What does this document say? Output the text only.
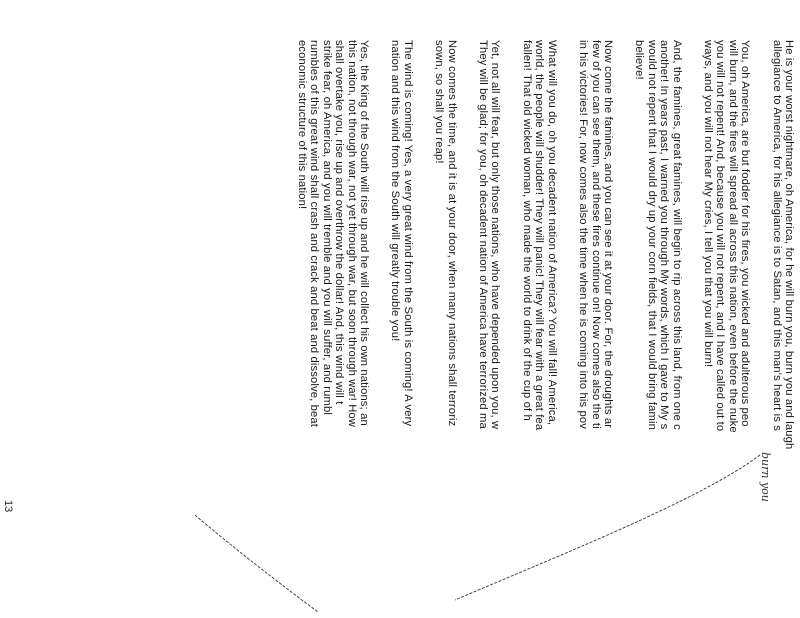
He is your worst nightmare, oh America, for he will burn you, burn you and laugh
allegiance to America, for his allegiance is to Satan, and this man's heart is s

You, oh America, are but fodder for his fires, you wicked and adulterous peo
will burn, and the fires will spread all across this nation, even before the nuke
you will not repent! And, because you will not repent, and I have called out to
ways, and you will not hear My cries, I tell you that you will burn!

And, the famines, great famines, will begin to rip across this land, from one c
another! In years past, I warned you through My words, which I gave to My s
would not repent that I would dry up your corn fields, that I would bring famin
believe!

Now come the famines, and you can see it at your door. For, the droughts ar
few of you can see them, and these fires continue on! Now comes also the ti
in his victories! For, now comes also the time when he is coming into his pov

What will you do, oh you decadent nation of America? You will fall! America,
world, the people will shudder! They will panic! They will fear with a great fea
fallen! That old wicked woman, who made the world to drink of the cup of h

Yet, not all will fear, but only those nations, who have depended upon you, w
They will be glad; for you, oh decadent nation of America have terrorized ma

Now comes the time, and it is at your door, when many nations shall terroriz
sown, so shall you reap!

The wind is coming! Yes, a very great wind from the South is coming! A very
nation and this wind from the South will greatly trouble you!

Yes, the King of the South will rise up and he will collect his own nations; an
this nation, not through war, not yet through war, but soon through war! How
shall overtake you, rise up and overthrow the dollar! And, this wind will t
strike fear, oh America, and you will tremble and you will suffer, and rumbl
rumbles of this great wind shall crash and crack and beat and dissolve, beat
economic structure of this nation!

burn you
13
